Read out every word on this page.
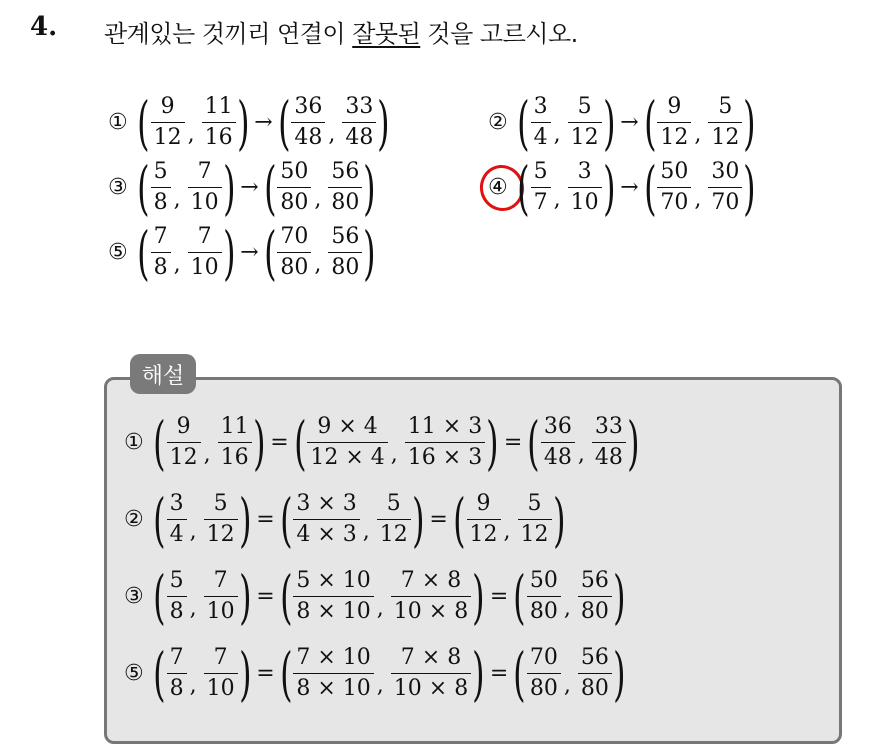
4. 관계있는 것끼리 연결이 잘못된 것을 고르시오.
① ( $\frac{9}{12}$ , $\frac{11}{16}$ ) → ( $\frac{36}{48}$ , $\frac{33}{48}$ )	② ( $\frac{3}{4}$ , $\frac{5}{12}$ ) → ( $\frac{9}{12}$ , $\frac{5}{12}$ )
③ ( $\frac{5}{8}$ , $\frac{7}{10}$ ) → ( $\frac{50}{80}$ , $\frac{56}{80}$ )	④ ( $\frac{5}{7}$ , $\frac{3}{10}$ ) → ( $\frac{50}{70}$ , $\frac{30}{70}$ )
⑤ ( $\frac{7}{8}$ , $\frac{7}{10}$ ) → ( $\frac{70}{80}$ , $\frac{56}{80}$ )
해설
① ( $\frac{9}{12}$ , $\frac{11}{16}$ ) = ( $\frac{9 \times 4}{12 \times 4}$ , $\frac{11 \times 3}{16 \times 3}$ ) = ( $\frac{36}{48}$ , $\frac{33}{48}$ )
② ( $\frac{3}{4}$ , $\frac{5}{12}$ ) = ( $\frac{3 \times 3}{4 \times 3}$ , $\frac{5}{12}$ ) = ( $\frac{9}{12}$ , $\frac{5}{12}$ )
③ ( $\frac{5}{8}$ , $\frac{7}{10}$ ) = ( $\frac{5 \times 10}{8 \times 10}$ , $\frac{7 \times 8}{10 \times 8}$ ) = ( $\frac{50}{80}$ , $\frac{56}{80}$ )
⑤ ( $\frac{7}{8}$ , $\frac{7}{10}$ ) = ( $\frac{7 \times 10}{8 \times 10}$ , $\frac{7 \times 8}{10 \times 8}$ ) = ( $\frac{70}{80}$ , $\frac{56}{80}$ )
